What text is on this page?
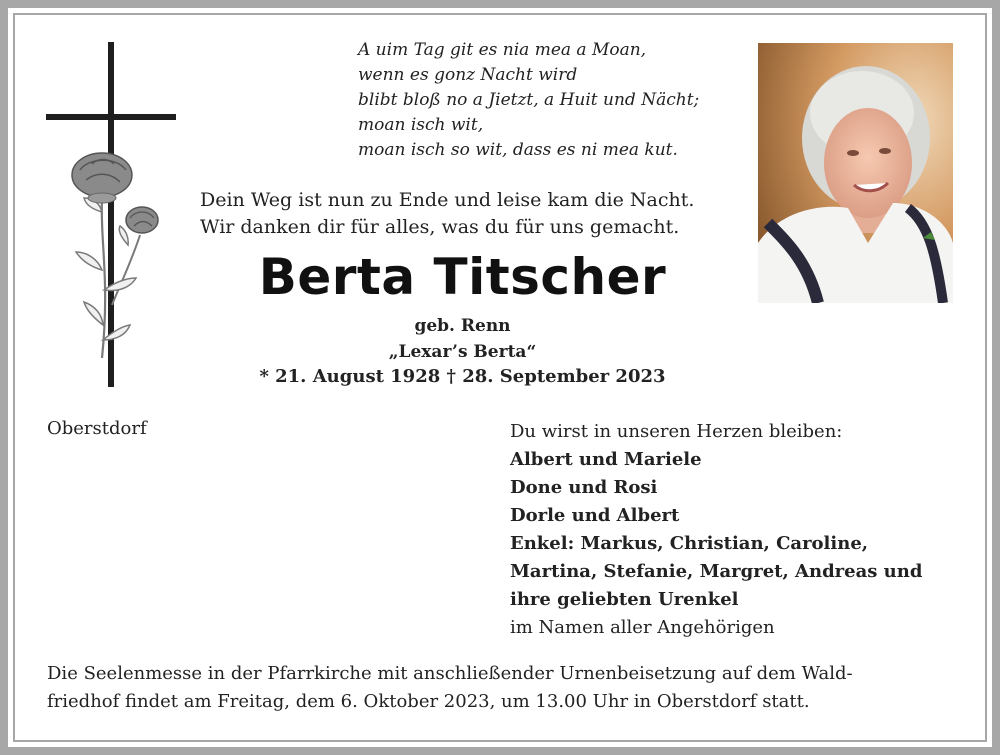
A uim Tag git es nia mea a Moan,
wenn es gonz Nacht wird
blibt bloß no a Jietzt, a Huit und Nächt;
moan isch wit,
moan isch so wit, dass es ni mea kut.
Dein Weg ist nun zu Ende und leise kam die Nacht.
Wir danken dir für alles, was du für uns gemacht.
Berta Titscher
geb. Renn
„Lexar’s Berta“
* 21. August 1928 † 28. September 2023
Oberstdorf	Du wirst in unseren Herzen bleiben:
Albert und Mariele
Done und Rosi
Dorle und Albert
Enkel: Markus, Christian, Caroline,
Martina, Stefanie, Margret, Andreas und
ihre geliebten Urenkel
im Namen aller Angehörigen
Die Seelenmesse in der Pfarrkirche mit anschließender Urnenbeisetzung auf dem Wald-
friedhof findet am Freitag, dem 6. Oktober 2023, um 13.00 Uhr in Oberstdorf statt.
